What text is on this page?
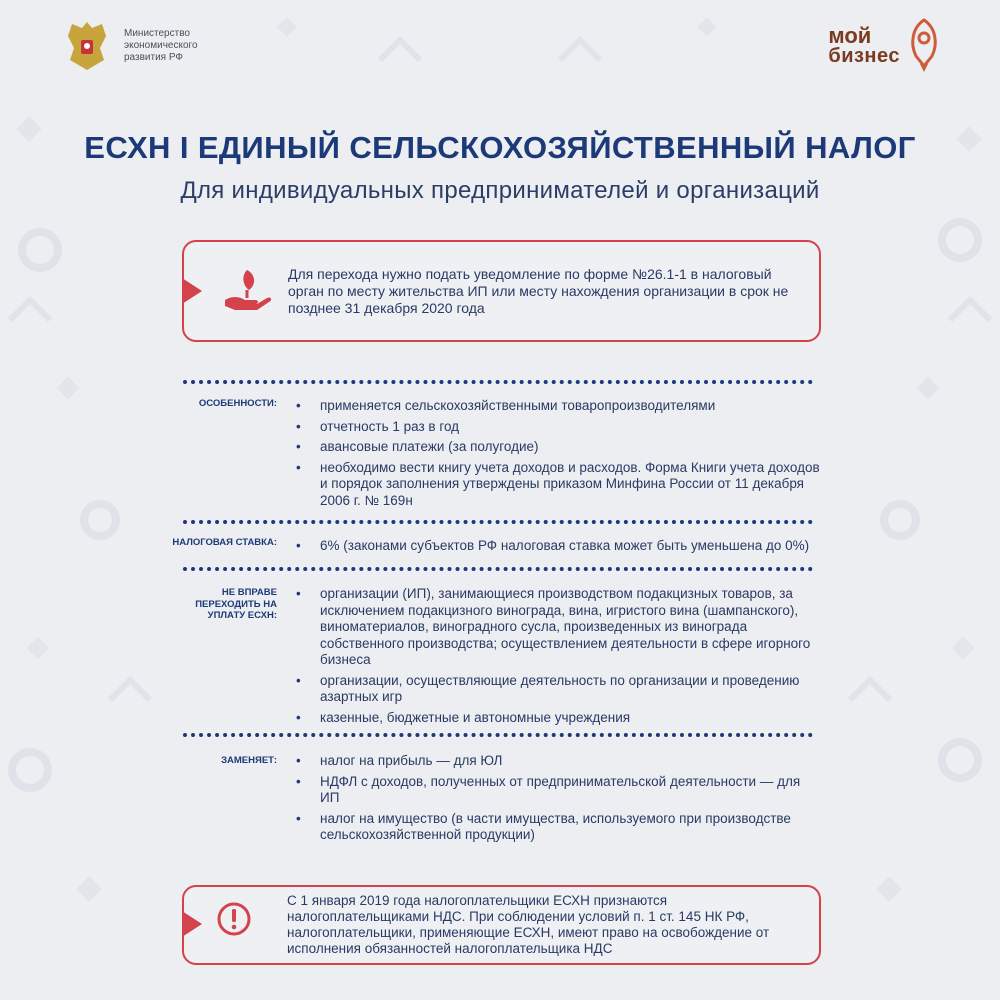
Министерство экономического развития РФ
мой
бизнес
ЕСХН I ЕДИНЫЙ СЕЛЬСКОХОЗЯЙСТВЕННЫЙ НАЛОГ
Для индивидуальных предпринимателей и организаций
Для перехода нужно подать уведомление по форме №26.1-1 в налоговый орган по месту жительства ИП или месту нахождения организации в срок не позднее 31 декабря 2020 года
ОСОБЕННОСТИ:	• применяется сельскохозяйственными товаропроизводителями
• отчетность 1 раз в год
• авансовые платежи (за полугодие)
• необходимо вести книгу учета доходов и расходов. Форма Книги учета доходов и порядок заполнения утверждены приказом Минфина России от 11 декабря 2006 г. № 169н
НАЛОГОВАЯ СТАВКА:	• 6% (законами субъектов РФ налоговая ставка может быть уменьшена до 0%)
НЕ ВПРАВЕ ПЕРЕХОДИТЬ НА УПЛАТУ ЕСХН:
• организации (ИП), занимающиеся производством подакцизных товаров, за исключением подакцизного винограда, вина, игристого вина (шампанского), виноматериалов, виноградного сусла, произведенных из винограда собственного производства; осуществлением деятельности в сфере игорного бизнеса
• организации, осуществляющие деятельность по организации и проведению азартных игр
• казенные, бюджетные и автономные учреждения
ЗАМЕНЯЕТ:	• налог на прибыль — для ЮЛ
• НДФЛ с доходов, полученных от предпринимательской деятельности — для ИП
• налог на имущество (в части имущества, используемого при производстве сельскохозяйственной продукции)
С 1 января 2019 года налогоплательщики ЕСХН признаются налогоплательщиками НДС. При соблюдении условий п. 1 ст. 145 НК РФ, налогоплательщики, применяющие ЕСХН, имеют право на освобождение от исполнения обязанностей налогоплательщика НДС
